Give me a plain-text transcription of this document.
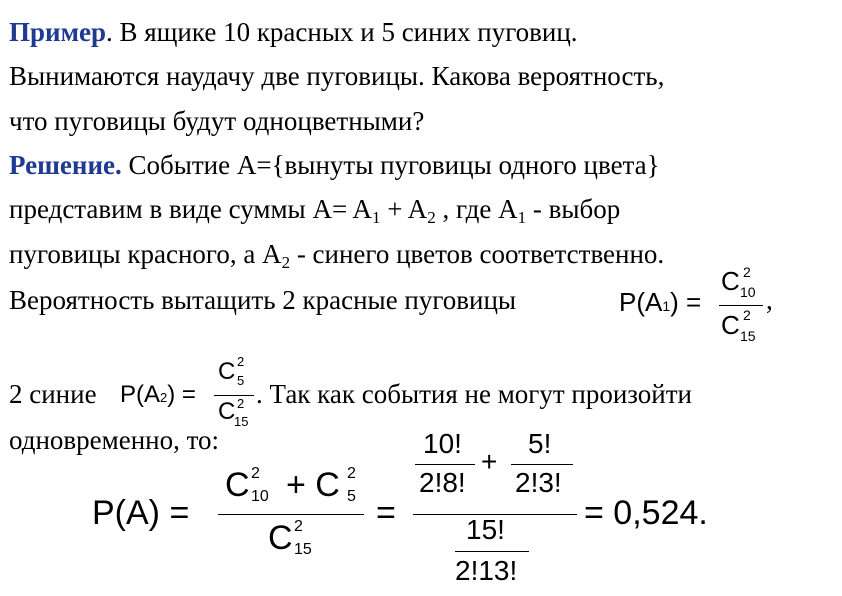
Пример. В ящике 10 красных и 5 синих пуговиц.
Вынимаются наудачу две пуговицы. Какова вероятность,
что пуговицы будут одноцветными?
Решение. Событие A={вынуты пуговицы одного цвета}
представим в виде суммы $A= A_1 + A_2$ , где $A_1$ - выбор
пуговицы красного, а $A_2$ - синего цветов соответственно.
Вероятность вытащить 2 красные пуговицы	,
2 синие	. Так как события не могут произойти
одновременно, то:
P(A1) =
C 2
10
C 2
15
P(A2) =
C 2
5
C 2
15
P(A) =
C 2
10 + C 2
5
C 2
15
=
10!
2!8!
+
5!
2!3!
15!
2!13!
= 0,524.
